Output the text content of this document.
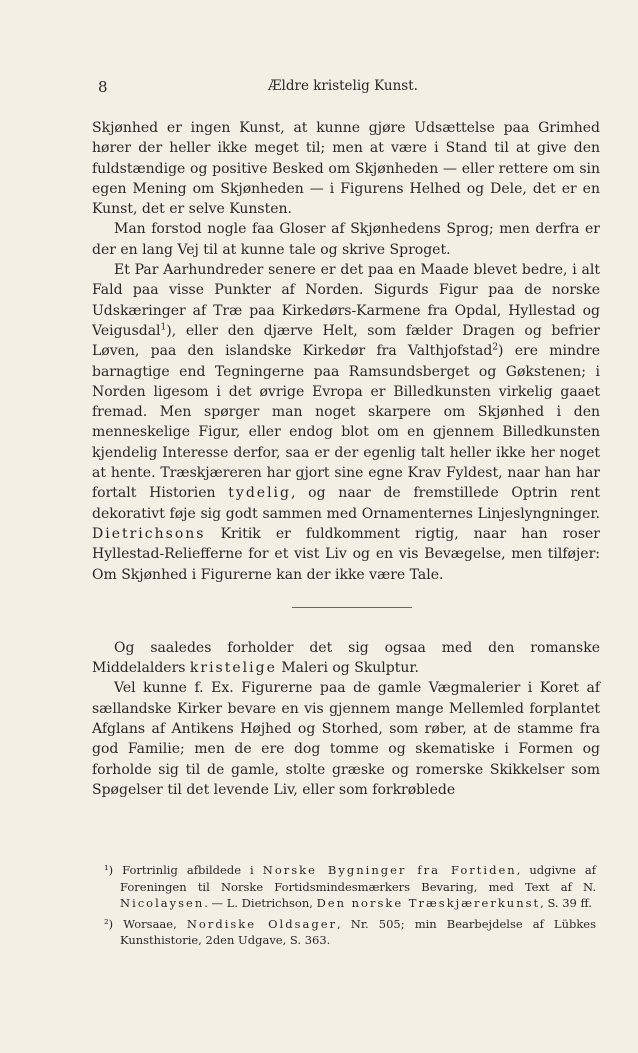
8	Ældre kristelig Kunst.

Skjønhed er ingen Kunst, at kunne gjøre Udsættelse paa Grimhed hører der heller ikke meget til; men at være i Stand til at give den fuldstændige og positive Besked om Skjønheden — eller rettere om sin egen Mening om Skjønheden — i Figurens Helhed og Dele, det er en Kunst, det er selve Kunsten.

Man forstod nogle faa Gloser af Skjønhedens Sprog; men derfra er der en lang Vej til at kunne tale og skrive Sproget.

Et Par Aarhundreder senere er det paa en Maade blevet bedre, i alt Fald paa visse Punkter af Norden. Sigurds Figur paa de norske Udskæringer af Træ paa Kirkedørs-Karmene fra Opdal, Hyllestad og Veigusdal$^1$), eller den djærve Helt, som fælder Dragen og befrier Løven, paa den islandske Kirkedør fra Valthjofstad$^2$) ere mindre barnagtige end Tegningerne paa Ramsundsberget og Gøkstenen; i Norden ligesom i det øvrige Evropa er Billedkunsten virkelig gaaet fremad. Men spørger man noget skarpere om Skjønhed i den menneskelige Figur, eller endog blot om en gjennem Billedkunsten kjendelig Interesse derfor, saa er der egenlig talt heller ikke her noget at hente. Træskjæreren har gjort sine egne Krav Fyldest, naar han har fortalt Historien tydelig, og naar de fremstillede Optrin rent dekorativt føje sig godt sammen med Ornamenternes Linjeslyngninger. Dietrichsons Kritik er fuldkomment rigtig, naar han roser Hyllestad-Reliefferne for et vist Liv og en vis Bevægelse, men tilføjer: Om Skjønhed i Figurerne kan der ikke være Tale.

Og saaledes forholder det sig ogsaa med den romanske Middelalders kristelige Maleri og Skulptur.

Vel kunne f. Ex. Figurerne paa de gamle Vægmalerier i Koret af sællandske Kirker bevare en vis gjennem mange Mellemled forplantet Afglans af Antikens Højhed og Storhed, som røber, at de stamme fra god Familie; men de ere dog tomme og skematiske i Formen og forholde sig til de gamle, stolte græske og romerske Skikkelser som Spøgelser til det levende Liv, eller som forkrøblede

¹) Fortrinlig afbildede i Norske Bygninger fra Fortiden, udgivne af Foreningen til Norske Fortidsmindesmærkers Bevaring, med Text af N. Nicolaysen. — L. Dietrichson, Den norske Træskjærerkunst, S. 39 ff.

²) Worsaae, Nordiske Oldsager, Nr. 505; min Bearbejdelse af Lübkes Kunsthistorie, 2den Udgave, S. 363.
